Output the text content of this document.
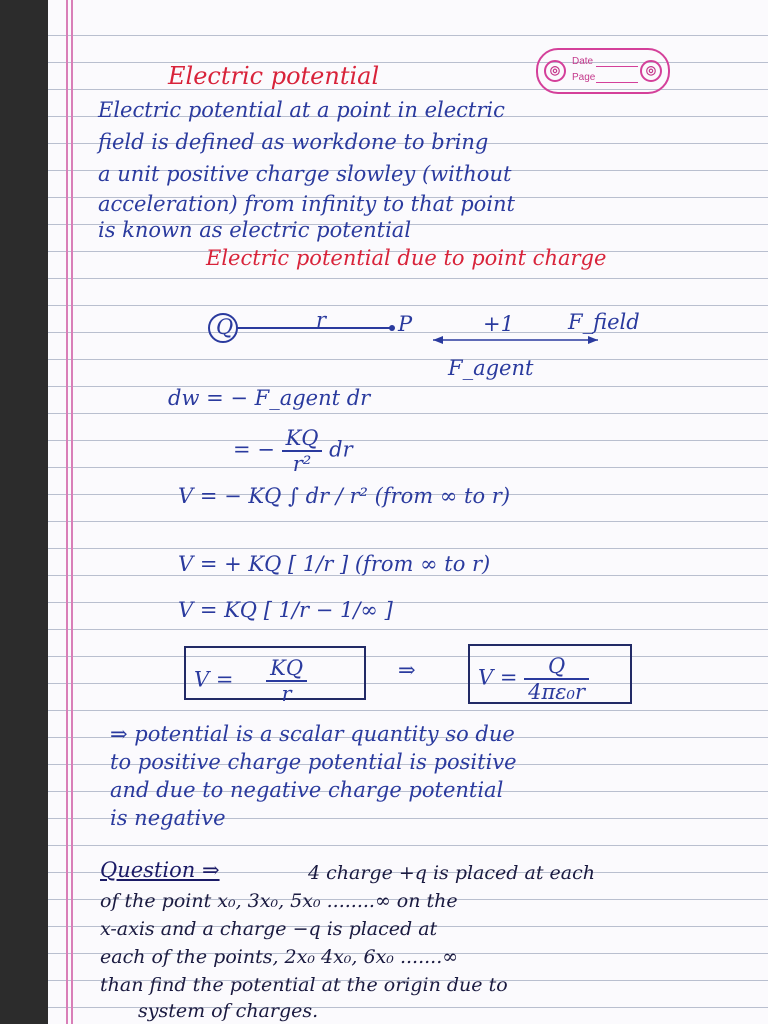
◎
Date
Page
◎
Electric potential
Electric potential at a point in electric
field is defined as workdone to bring
a unit positive charge slowley (without
acceleration) from infinity to that point
is known as electric potential
Electric potential due to point charge
Q	r	P	+1	F_field
F_agent
dw = − F_agent dr
= − $\frac{KQ}{\text{r²}}$ dr
V = − KQ ∫ dr / r² (from ∞ to r)
V = + KQ [ 1/r ] (from ∞ to r)
V = KQ [ 1/r − 1/∞ ]
$V = \frac{KQ}{r}$	⇒	$V = \frac{Q}{\text{4πε₀r}}$
⇒ potential is a scalar quantity so due
to positive charge potential is positive
and due to negative charge potential
is negative
Question ⇒	4 charge +q is placed at each
of the point x₀, 3x₀, 5x₀ ........∞ on the
x-axis and a charge −q is placed at
each of the points, 2x₀ 4x₀, 6x₀ .......∞
than find the potential at the origin due to
system of charges.
